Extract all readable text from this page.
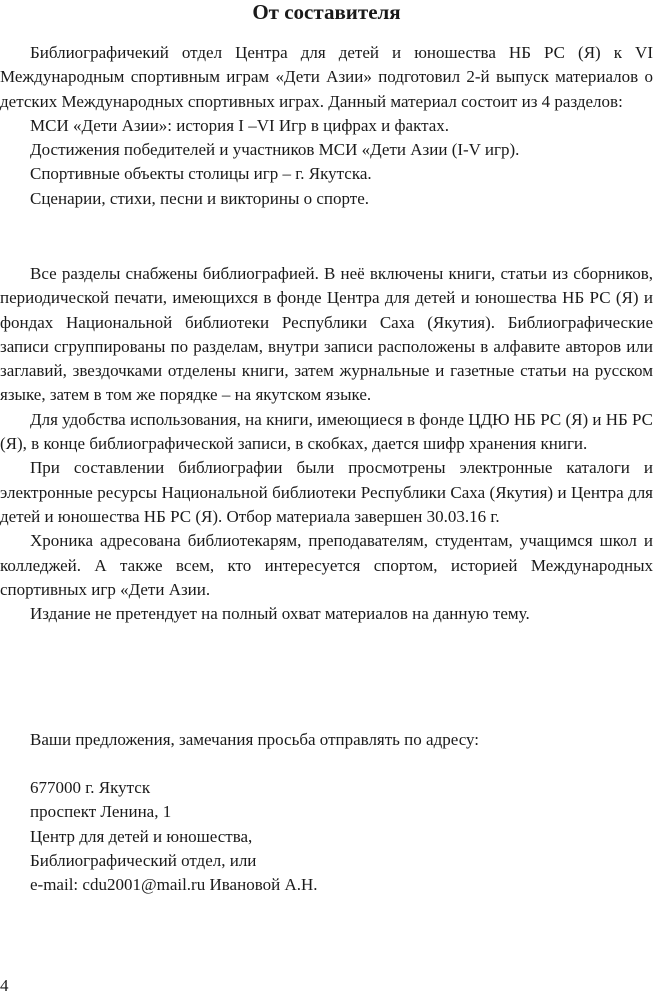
От составителя

Библиографичекий отдел Центра для детей и юношества НБ РС (Я) к VI Международным спортивным играм «Дети Азии» подготовил 2-й выпуск материалов о детских Международных спортивных играх. Данный материал состоит из 4 разделов:

МСИ «Дети Азии»: история I –VI Игр в цифрах и фактах.

Достижения победителей и участников МСИ «Дети Азии (I-V игр).

Спортивные объекты столицы игр – г. Якутска.

Сценарии, стихи, песни и викторины о спорте.

Все разделы снабжены библиографией. В неё включены книги, статьи из сборников, периодической печати, имеющихся в фонде Центра для детей и юношества НБ РС (Я) и фондах Национальной библиотеки Республики Саха (Якутия). Библиографические записи сгруппированы по разделам, внутри записи расположены в алфавите авторов или заглавий, звездочками отделены книги, затем журнальные и газетные статьи на русском языке, затем в том же порядке – на якутском языке.

Для удобства использования, на книги, имеющиеся в фонде ЦДЮ НБ РС (Я) и НБ РС (Я), в конце библиографической записи, в скобках, дается шифр хранения книги.

При составлении библиографии были просмотрены электронные каталоги и электронные ресурсы Национальной библиотеки Республики Саха (Якутия) и Центра для детей и юношества НБ РС (Я). Отбор материала завершен 30.03.16 г.

Хроника адресована библиотекарям, преподавателям, студентам, учащимся школ и колледжей. А также всем, кто интересуется спортом, историей Международных спортивных игр «Дети Азии.

Издание не претендует на полный охват материалов на данную тему.

Ваши предложения, замечания просьба отправлять по адресу:

677000 г. Якутск

проспект Ленина, 1

Центр для детей и юношества,

Библиографический отдел, или

e-mail: cdu2001@mail.ru Ивановой А.Н.

4
